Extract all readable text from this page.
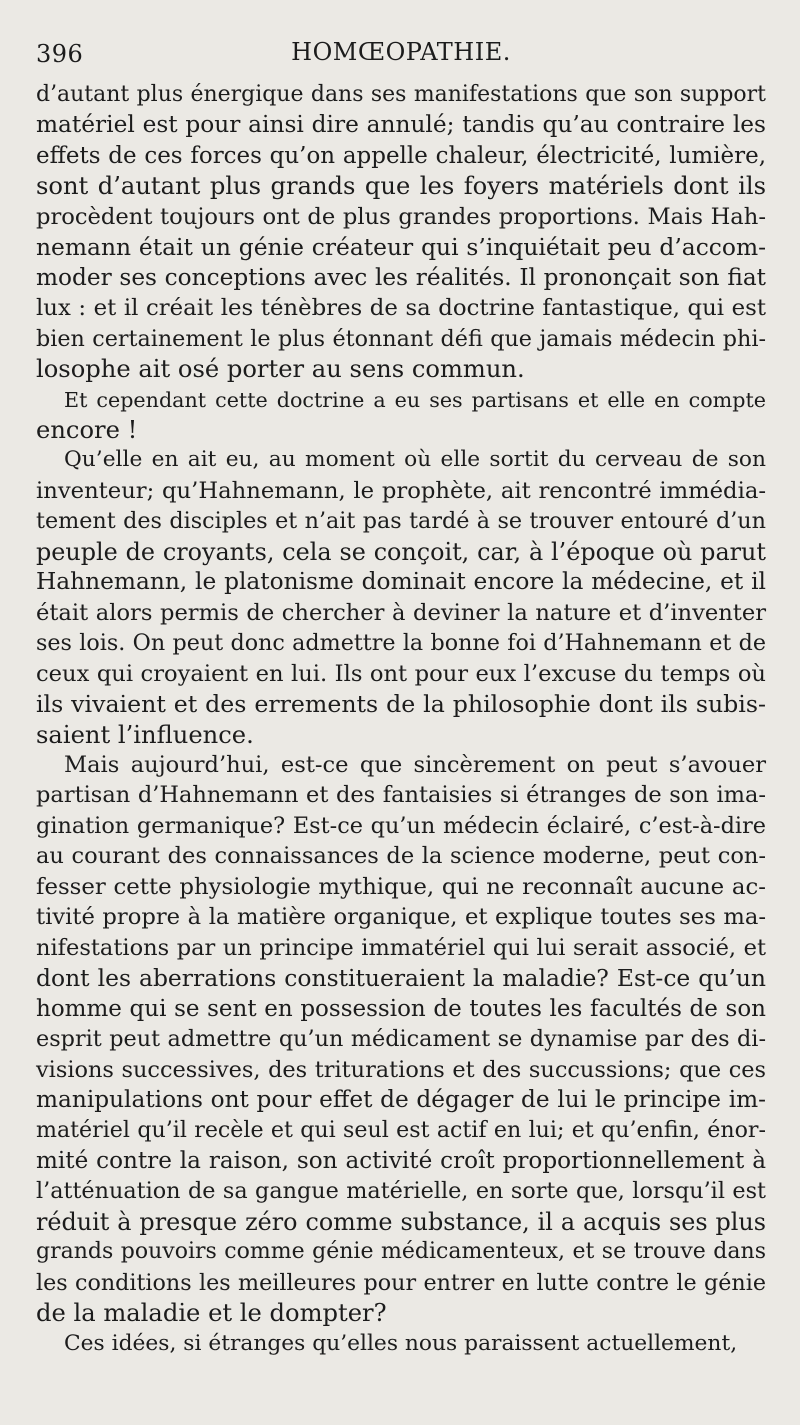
396	HOMŒOPATHIE.

d’autant plus énergique dans ses manifestations que son support
matériel est pour ainsi dire annulé; tandis qu’au contraire les
effets de ces forces qu’on appelle chaleur, électricité, lumière,
sont d’autant plus grands que les foyers matériels dont ils
procèdent toujours ont de plus grandes proportions. Mais Hah-
nemann était un génie créateur qui s’inquiétait peu d’accom-
moder ses conceptions avec les réalités. Il prononçait son fiat
lux : et il créait les ténèbres de sa doctrine fantastique, qui est
bien certainement le plus étonnant défi que jamais médecin phi-
losophe ait osé porter au sens commun.

Et cependant cette doctrine a eu ses partisans et elle en compte
encore !

Qu’elle en ait eu, au moment où elle sortit du cerveau de son
inventeur; qu’Hahnemann, le prophète, ait rencontré immédia-
tement des disciples et n’ait pas tardé à se trouver entouré d’un
peuple de croyants, cela se conçoit, car, à l’époque où parut
Hahnemann, le platonisme dominait encore la médecine, et il
était alors permis de chercher à deviner la nature et d’inventer
ses lois. On peut donc admettre la bonne foi d’Hahnemann et de
ceux qui croyaient en lui. Ils ont pour eux l’excuse du temps où
ils vivaient et des errements de la philosophie dont ils subis-
saient l’influence.

Mais aujourd’hui, est-ce que sincèrement on peut s’avouer
partisan d’Hahnemann et des fantaisies si étranges de son ima-
gination germanique? Est-ce qu’un médecin éclairé, c’est-à-dire
au courant des connaissances de la science moderne, peut con-
fesser cette physiologie mythique, qui ne reconnaît aucune ac-
tivité propre à la matière organique, et explique toutes ses ma-
nifestations par un principe immatériel qui lui serait associé, et
dont les aberrations constitueraient la maladie? Est-ce qu’un
homme qui se sent en possession de toutes les facultés de son
esprit peut admettre qu’un médicament se dynamise par des di-
visions successives, des triturations et des succussions; que ces
manipulations ont pour effet de dégager de lui le principe im-
matériel qu’il recèle et qui seul est actif en lui; et qu’enfin, énor-
mité contre la raison, son activité croît proportionnellement à
l’atténuation de sa gangue matérielle, en sorte que, lorsqu’il est
réduit à presque zéro comme substance, il a acquis ses plus
grands pouvoirs comme génie médicamenteux, et se trouve dans
les conditions les meilleures pour entrer en lutte contre le génie
de la maladie et le dompter?

Ces idées, si étranges qu’elles nous paraissent actuellement,
